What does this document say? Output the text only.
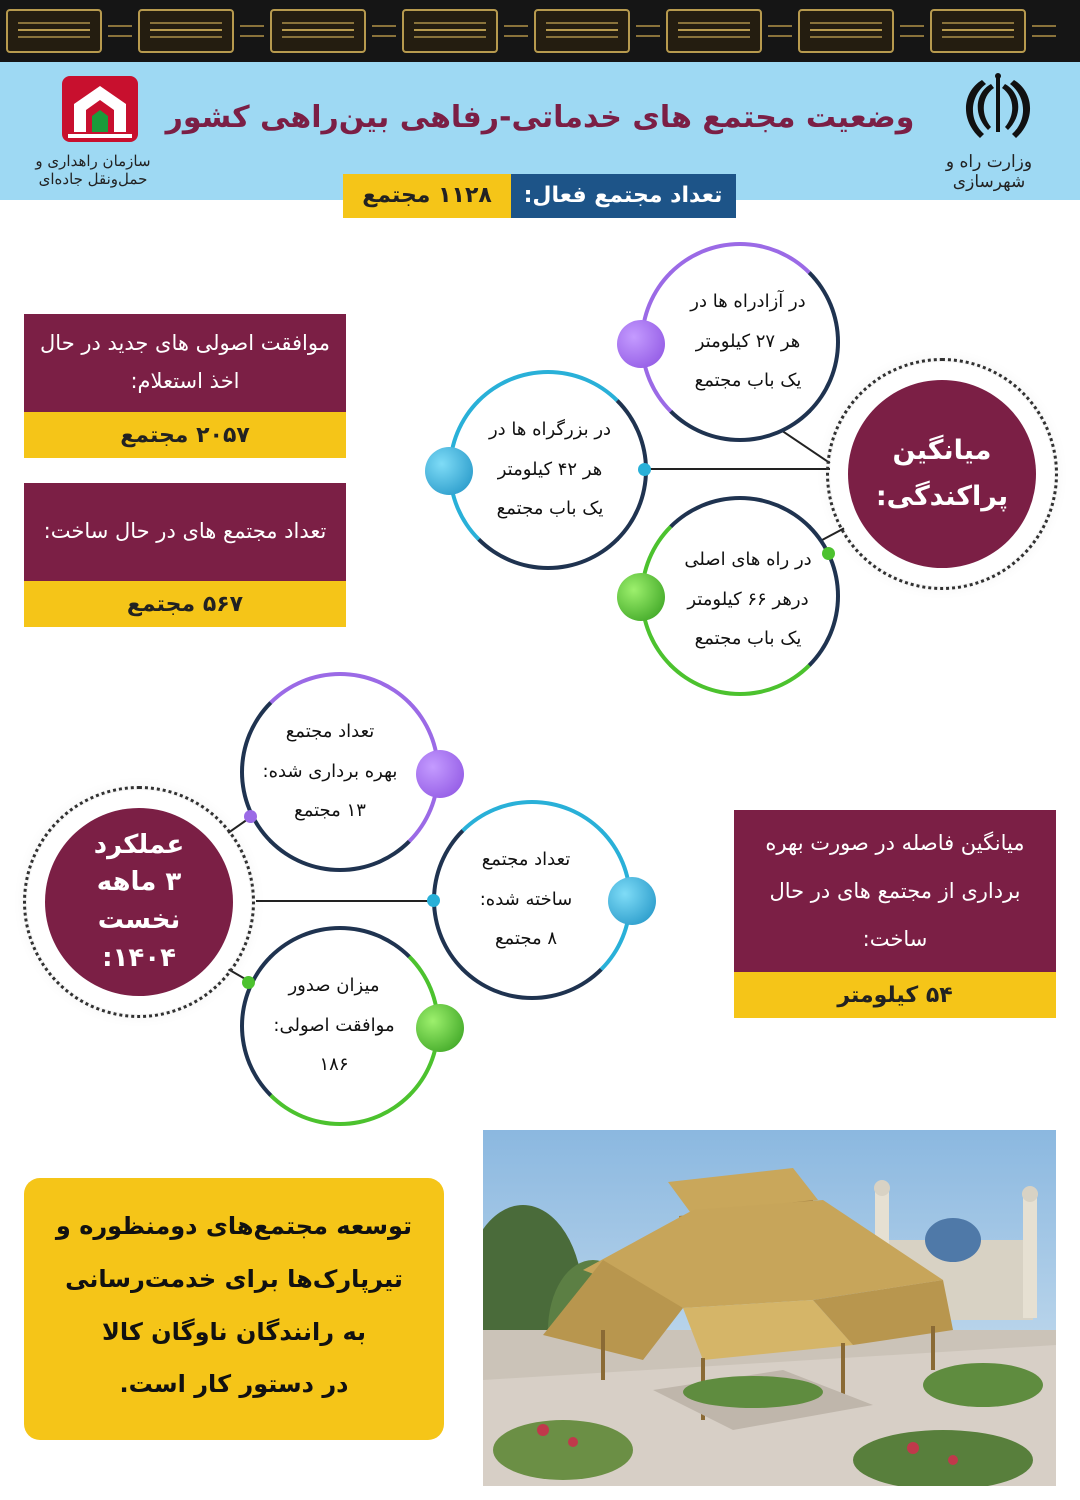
وزارت راه و شهرسازی
سازمان راهداری و حمل‌ونقل جاده‌ای
وضعیت مجتمع های خدماتی-رفاهی بین‌راهی کشور
تعداد مجتمع فعال:
۱۱۲۸ مجتمع
موافقت اصولی های جدید در حال اخذ استعلام:
۲۰۵۷ مجتمع
تعداد مجتمع های در حال ساخت:
۵۶۷ مجتمع
در آزادراه ها در
هر ۲۷ کیلومتر
یک باب مجتمع
در بزرگراه ها در
هر ۴۲ کیلومتر
یک باب مجتمع
در راه های اصلی
درهر ۶۶ کیلومتر
یک باب مجتمع
میانگین پراکندگی:
تعداد مجتمع
بهره برداری شده:
۱۳ مجتمع
تعداد مجتمع
ساخته شده:
۸ مجتمع
میزان صدور
موافقت اصولی:
۱۸۶
عملکرد
۳ ماهه
نخست
۱۴۰۴:
میانگین فاصله در صورت بهره برداری از مجتمع های در حال ساخت:
۵۴ کیلومتر
توسعه مجتمع‌های دومنظوره و
تیرپارک‌ها برای خدمت‌رسانی
به رانندگان ناوگان کالا
در دستور کار است.
